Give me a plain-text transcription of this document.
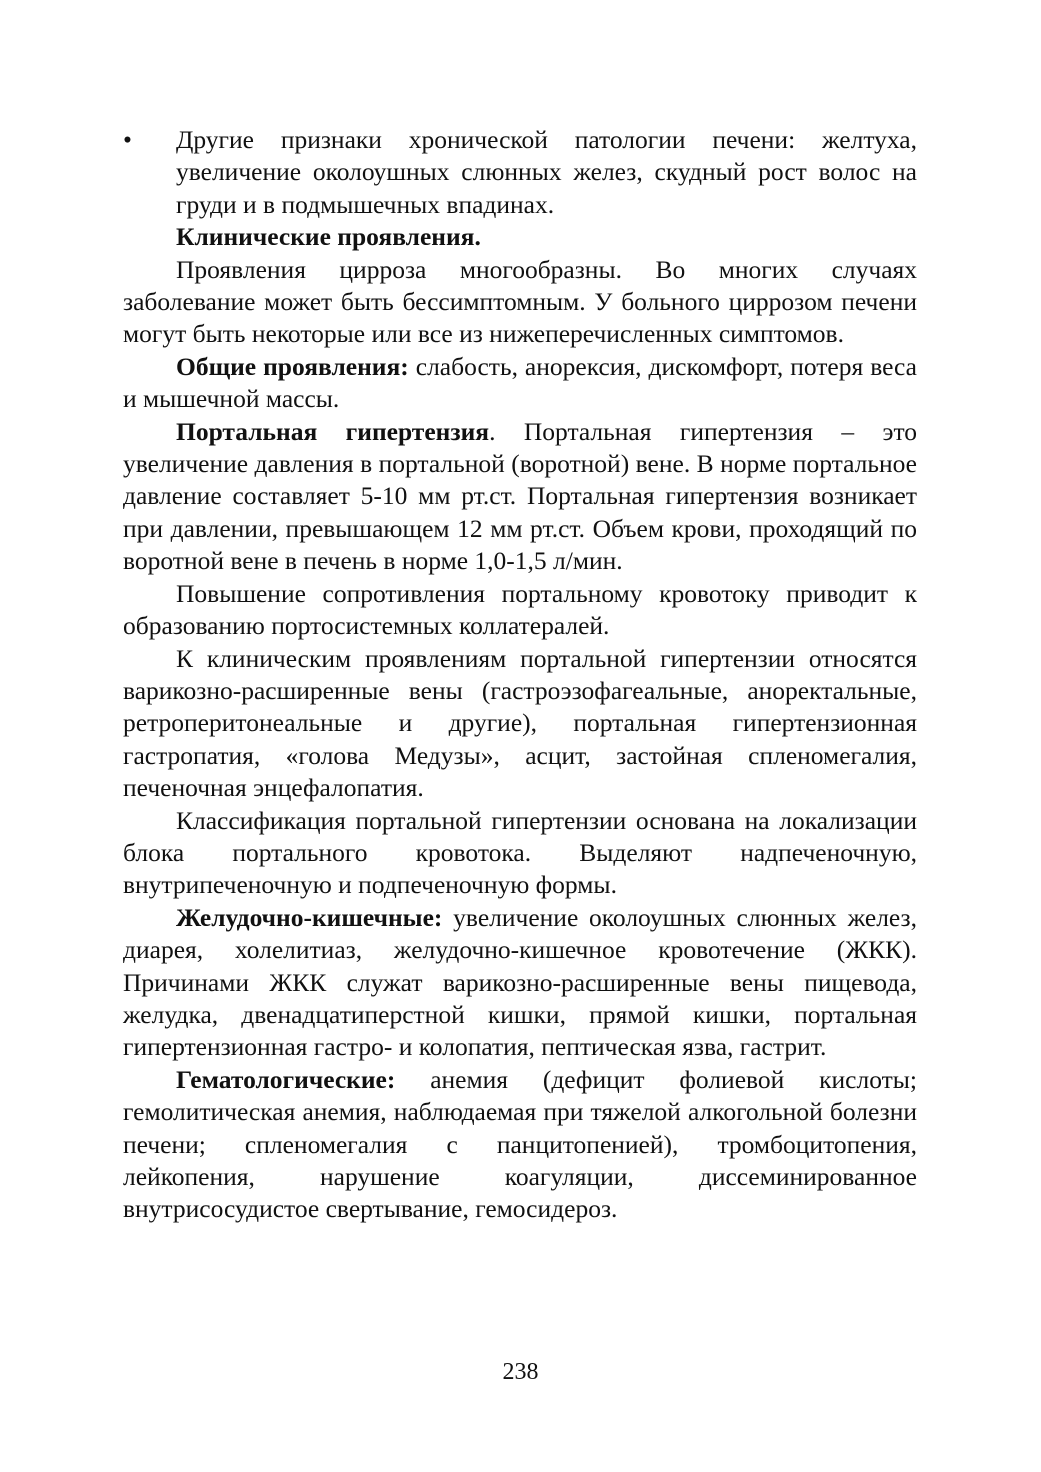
• Другие признаки хронической патологии печени: желтуха, увеличение околоушных слюнных желез, скудный рост волос на груди и в подмышечных впадинах.

Клинические проявления.

Проявления цирроза многообразны. Во многих случаях заболевание может быть бессимптомным. У больного циррозом печени могут быть некоторые или все из нижеперечисленных симптомов.

Общие проявления: слабость, анорексия, дискомфорт, потеря веса и мышечной массы.

Портальная гипертензия. Портальная гипертензия – это увеличение давления в портальной (воротной) вене. В норме портальное давление составляет 5-10 мм рт.ст. Портальная гипертензия возникает при давлении, превышающем 12 мм рт.ст. Объем крови, проходящий по воротной вене в печень в норме 1,0-1,5 л/мин.

Повышение сопротивления портальному кровотоку приводит к образованию портосистемных коллатералей.

К клиническим проявлениям портальной гипертензии относятся варикозно-расширенные вены (гастроэзофагеальные, аноректальные, ретроперитонеальные и другие), портальная гипертензионная гастропатия, «голова Медузы», асцит, застойная спленомегалия, печеночная энцефалопатия.

Классификация портальной гипертензии основана на локализации блока портального кровотока. Выделяют надпеченочную, внутрипеченочную и подпеченочную формы.

Желудочно-кишечные: увеличение околоушных слюнных желез, диарея, холелитиаз, желудочно-кишечное кровотечение (ЖКК). Причинами ЖКК служат варикозно-расширенные вены пищевода, желудка, двенадцатиперстной кишки, прямой кишки, портальная гипертензионная гастро- и колопатия, пептическая язва, гастрит.

Гематологические: анемия (дефицит фолиевой кислоты; гемолитическая анемия, наблюдаемая при тяжелой алкогольной болезни печени; спленомегалия с панцитопенией), тромбоцитопения, лейкопения, нарушение коагуляции, диссеминированное внутрисосудистое свертывание, гемосидероз.

238
